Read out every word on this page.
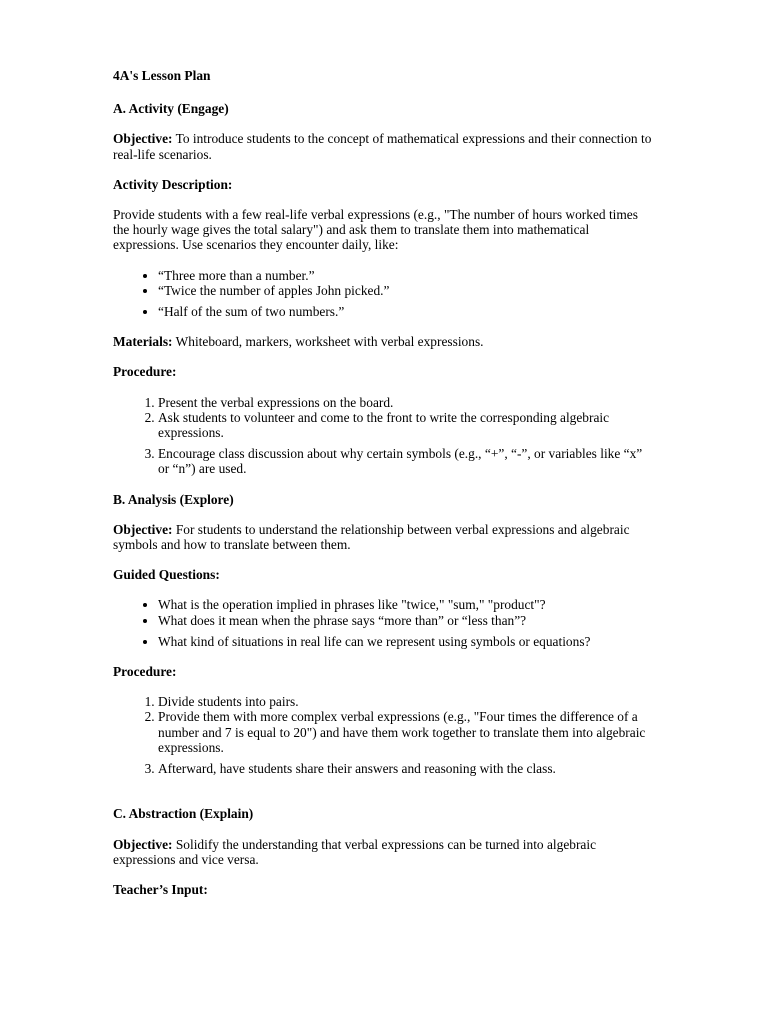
4A's Lesson Plan

A. Activity (Engage)

Objective: To introduce students to the concept of mathematical expressions and their connection to real-life scenarios.

Activity Description:

Provide students with a few real-life verbal expressions (e.g., "The number of hours worked times the hourly wage gives the total salary") and ask them to translate them into mathematical expressions. Use scenarios they encounter daily, like:

• “Three more than a number.”
• “Twice the number of apples John picked.”
• “Half of the sum of two numbers.”

Materials: Whiteboard, markers, worksheet with verbal expressions.

Procedure:

1. Present the verbal expressions on the board.
2. Ask students to volunteer and come to the front to write the corresponding algebraic expressions.
3. Encourage class discussion about why certain symbols (e.g., “+”, “-”, or variables like “x” or “n”) are used.

B. Analysis (Explore)

Objective: For students to understand the relationship between verbal expressions and algebraic symbols and how to translate between them.

Guided Questions:

• What is the operation implied in phrases like "twice," "sum," "product"?
• What does it mean when the phrase says “more than” or “less than”?
• What kind of situations in real life can we represent using symbols or equations?

Procedure:

1. Divide students into pairs.
2. Provide them with more complex verbal expressions (e.g., "Four times the difference of a number and 7 is equal to 20") and have them work together to translate them into algebraic expressions.
3. Afterward, have students share their answers and reasoning with the class.

C. Abstraction (Explain)

Objective: Solidify the understanding that verbal expressions can be turned into algebraic expressions and vice versa.

Teacher’s Input:
